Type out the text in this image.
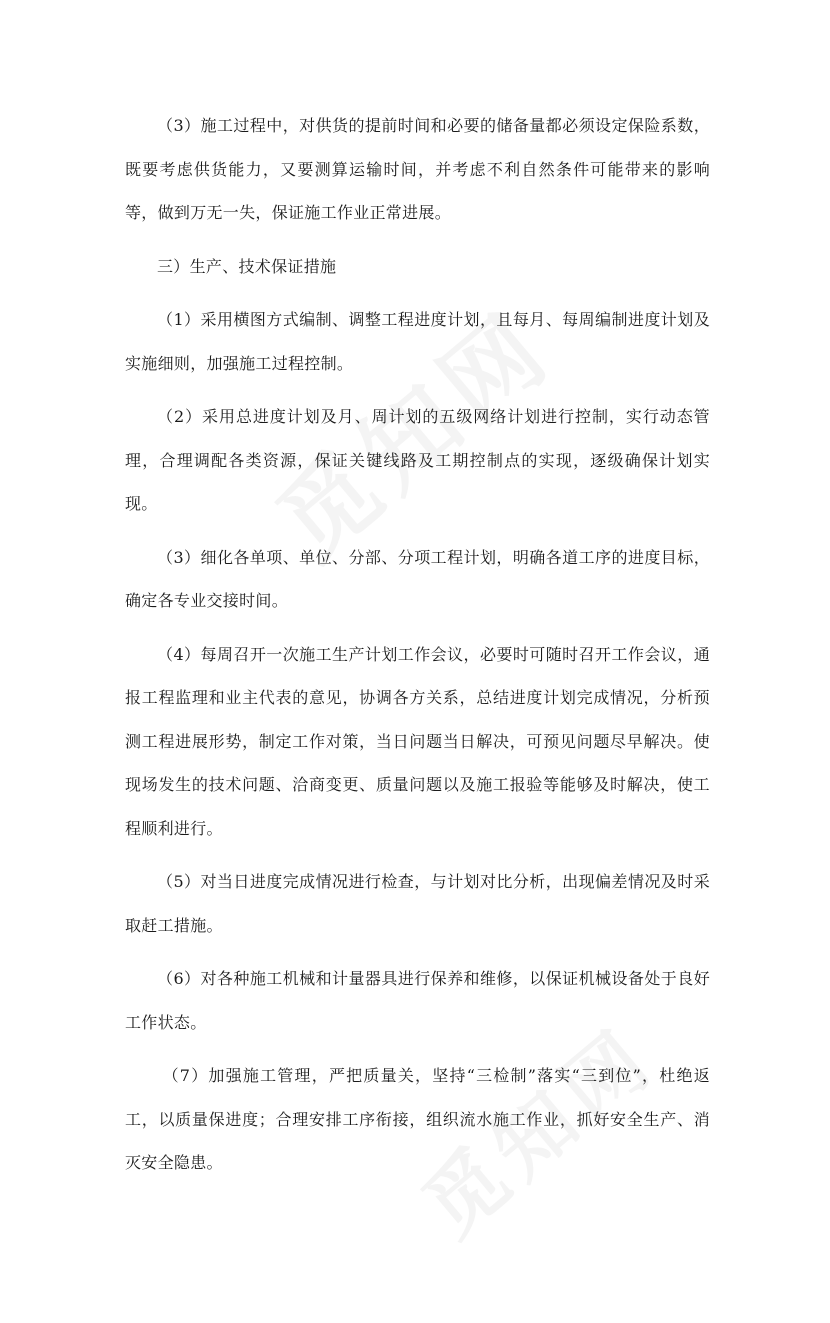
（3）施工过程中，对供货的提前时间和必要的储备量都必须设定保险系数，既要考虑供货能力，又要测算运输时间，并考虑不利自然条件可能带来的影响等，做到万无一失，保证施工作业正常进展。

三）生产、技术保证措施

（1）采用横图方式编制、调整工程进度计划，且每月、每周编制进度计划及实施细则，加强施工过程控制。

（2）采用总进度计划及月、周计划的五级网络计划进行控制，实行动态管理，合理调配各类资源，保证关键线路及工期控制点的实现，逐级确保计划实现。

（3）细化各单项、单位、分部、分项工程计划，明确各道工序的进度目标，确定各专业交接时间。

（4）每周召开一次施工生产计划工作会议，必要时可随时召开工作会议，通报工程监理和业主代表的意见，协调各方关系，总结进度计划完成情况，分析预测工程进展形势，制定工作对策，当日问题当日解决，可预见问题尽早解决。使现场发生的技术问题、洽商变更、质量问题以及施工报验等能够及时解决，使工程顺利进行。

（5）对当日进度完成情况进行检查，与计划对比分析，出现偏差情况及时采取赶工措施。

（6）对各种施工机械和计量器具进行保养和维修，以保证机械设备处于良好工作状态。

（7）加强施工管理，严把质量关，坚持“三检制”落实“三到位”，杜绝返工，以质量保进度；合理安排工序衔接，组织流水施工作业，抓好安全生产、消灭安全隐患。
